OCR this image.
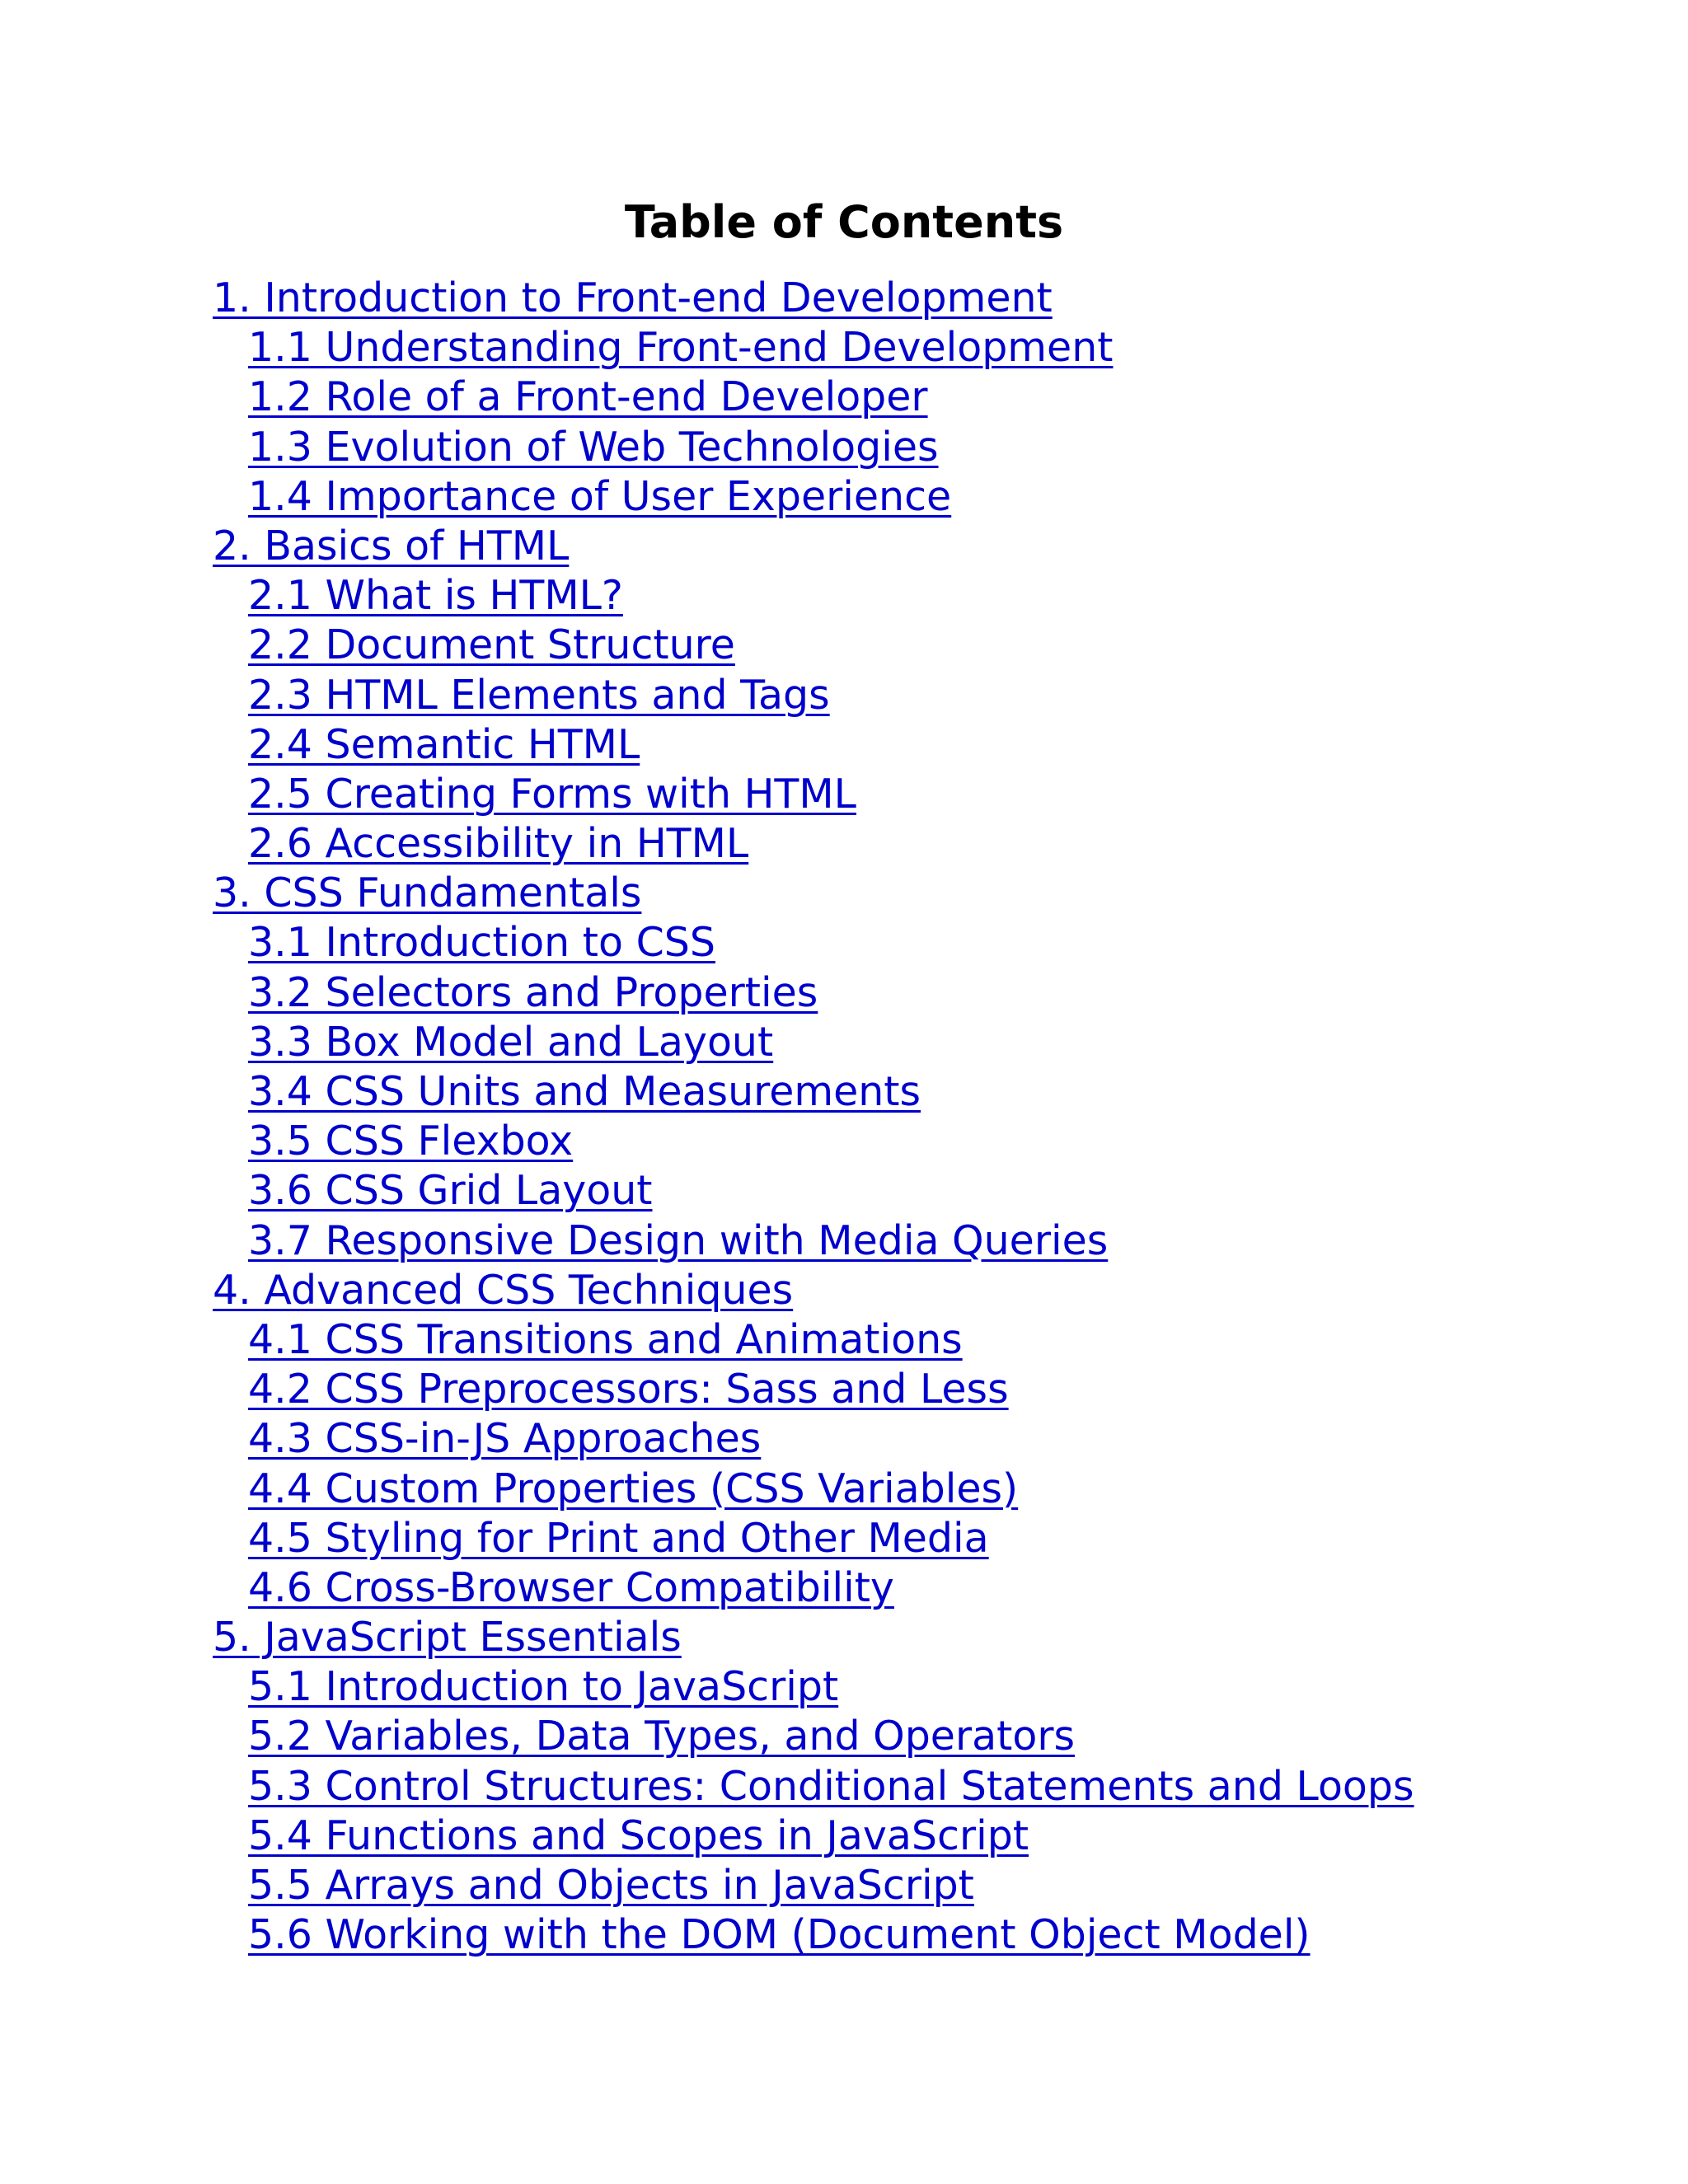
Table of Contents
1. Introduction to Front-end Development
1.1 Understanding Front-end Development
1.2 Role of a Front-end Developer
1.3 Evolution of Web Technologies
1.4 Importance of User Experience
2. Basics of HTML
2.1 What is HTML?
2.2 Document Structure
2.3 HTML Elements and Tags
2.4 Semantic HTML
2.5 Creating Forms with HTML
2.6 Accessibility in HTML
3. CSS Fundamentals
3.1 Introduction to CSS
3.2 Selectors and Properties
3.3 Box Model and Layout
3.4 CSS Units and Measurements
3.5 CSS Flexbox
3.6 CSS Grid Layout
3.7 Responsive Design with Media Queries
4. Advanced CSS Techniques
4.1 CSS Transitions and Animations
4.2 CSS Preprocessors: Sass and Less
4.3 CSS-in-JS Approaches
4.4 Custom Properties (CSS Variables)
4.5 Styling for Print and Other Media
4.6 Cross-Browser Compatibility
5. JavaScript Essentials
5.1 Introduction to JavaScript
5.2 Variables, Data Types, and Operators
5.3 Control Structures: Conditional Statements and Loops
5.4 Functions and Scopes in JavaScript
5.5 Arrays and Objects in JavaScript
5.6 Working with the DOM (Document Object Model)
